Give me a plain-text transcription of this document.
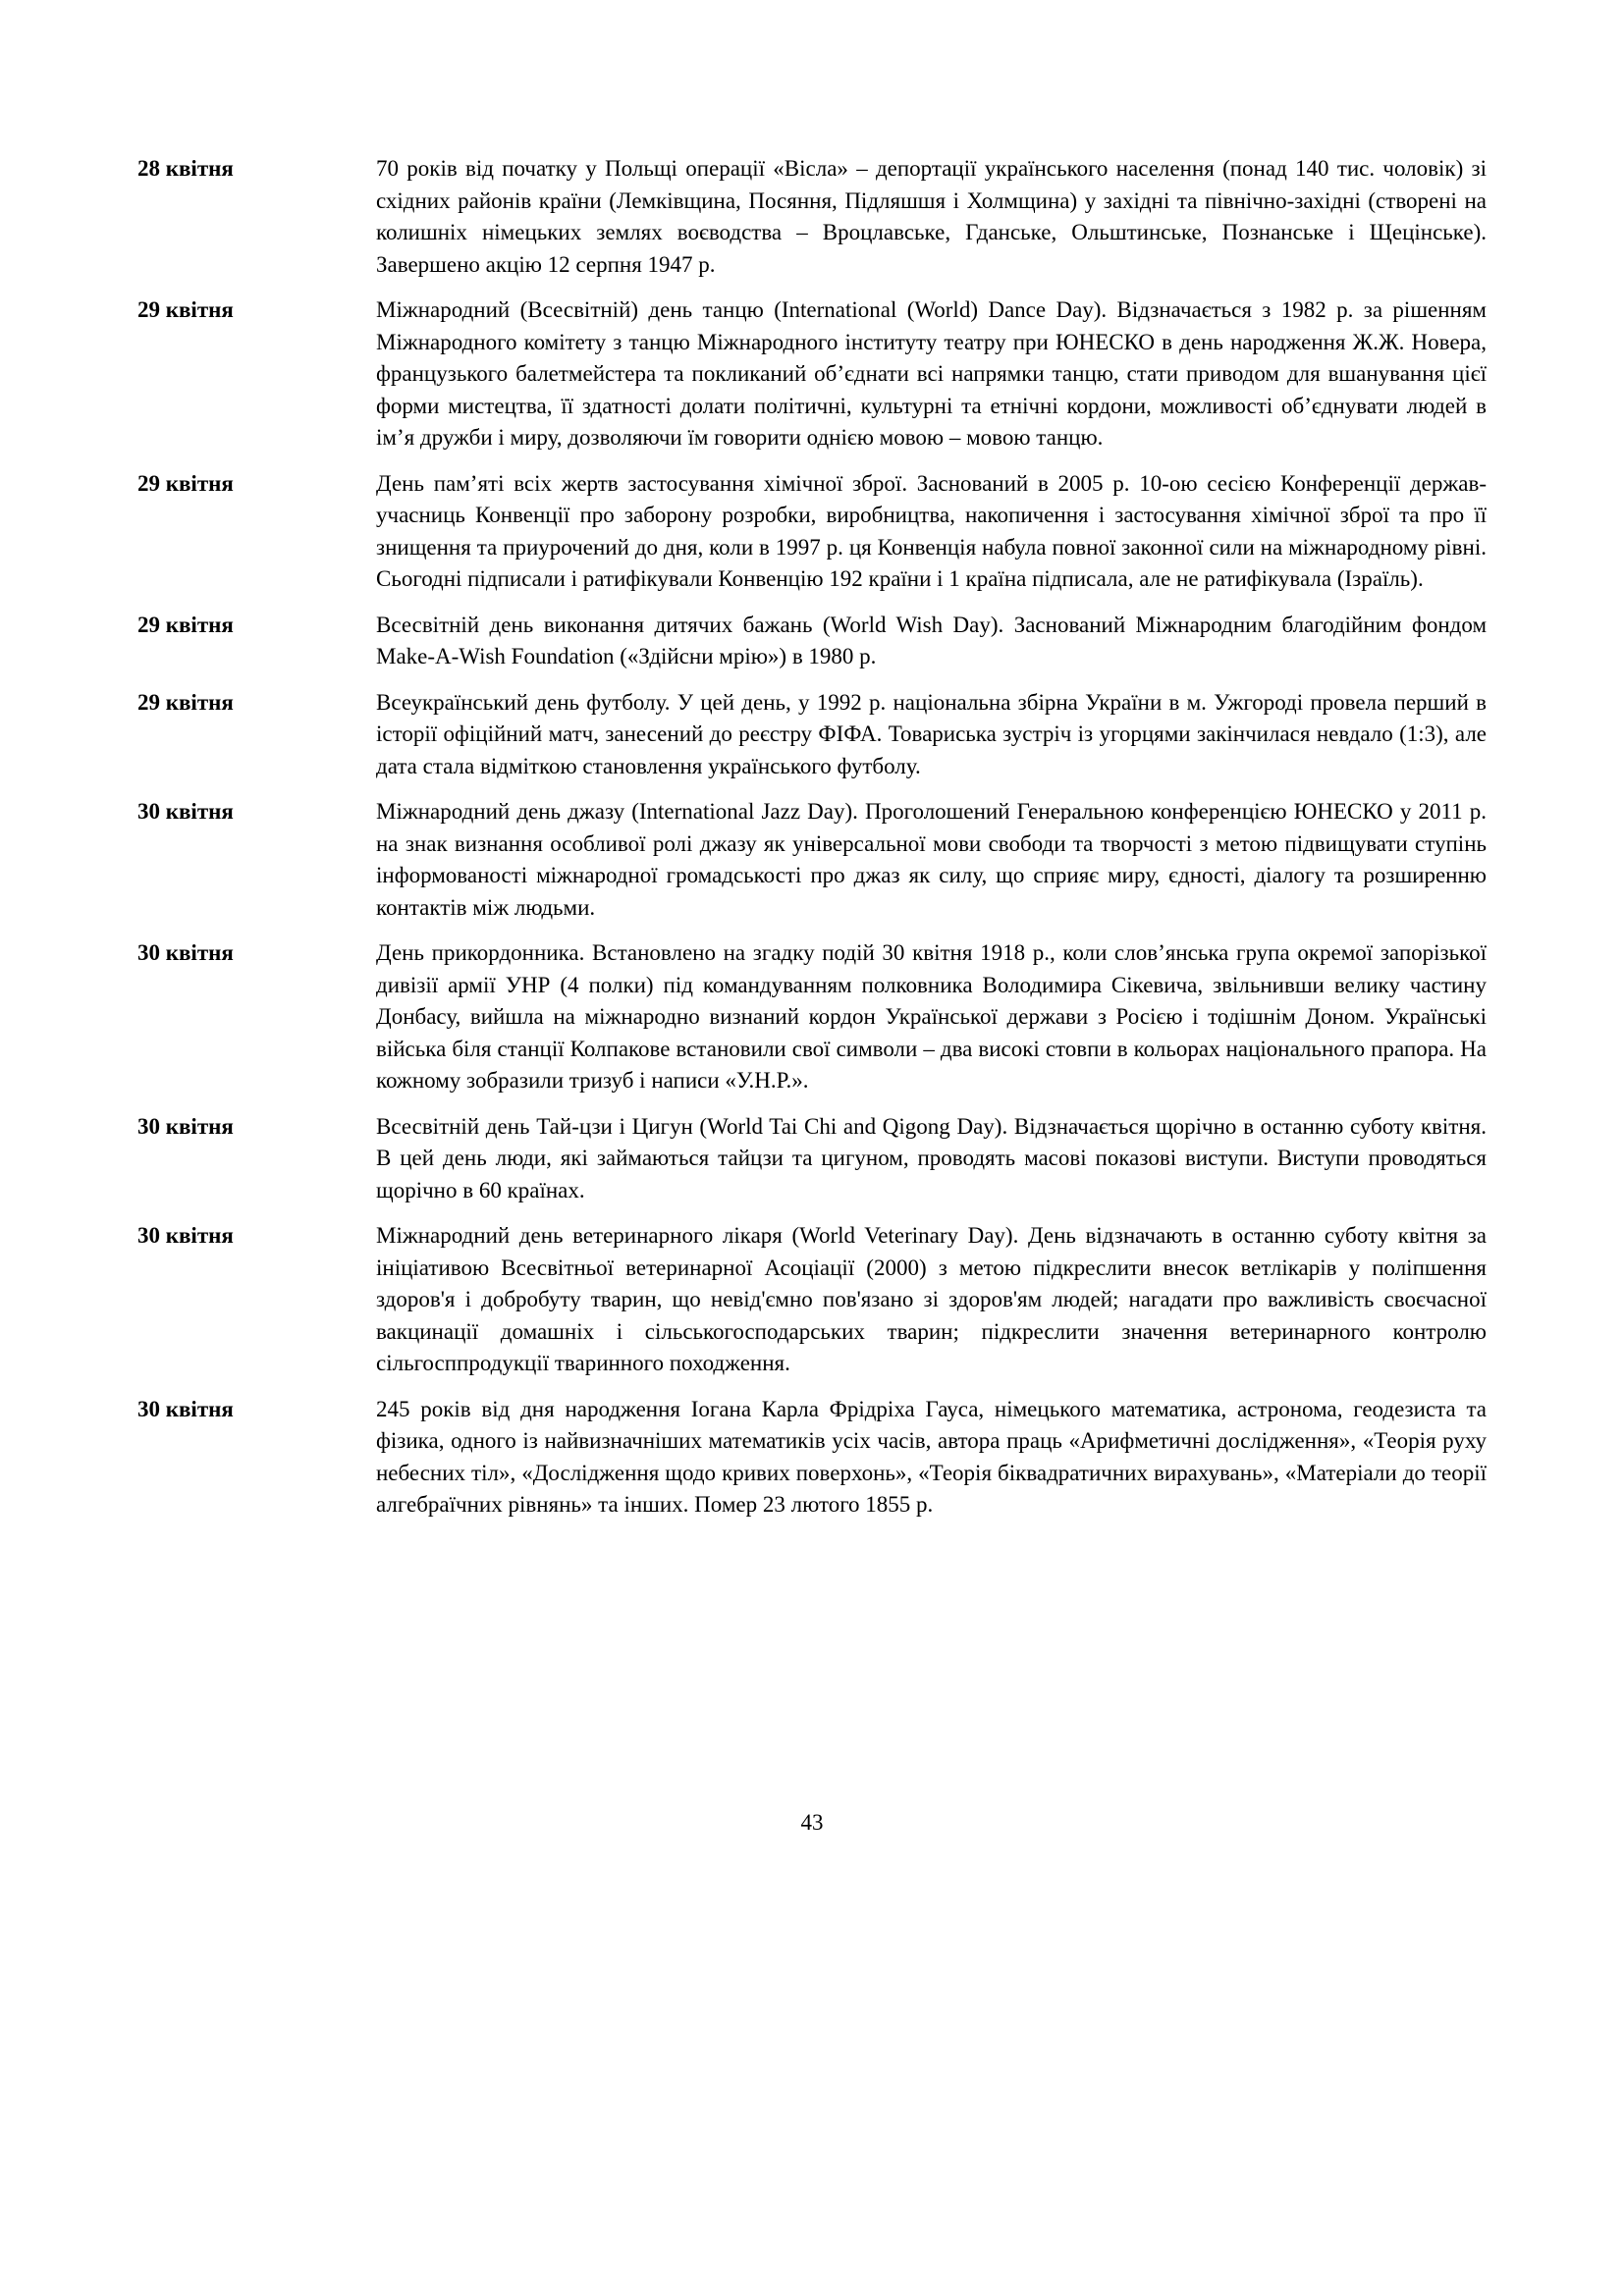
28 квітня	70 років від початку у Польщі операції «Вісла» – депортації українського населення (понад 140 тис. чоловік) зі східних районів країни (Лемківщина, Посяння, Підляшшя і Холмщина) у західні та північно-західні (створені на колишніх німецьких землях воєводства – Вроцлавське, Гданське, Ольштинське, Познанське і Щецінське). Завершено акцію 12 серпня 1947 р.
29 квітня	Міжнародний (Всесвітній) день танцю (International (World) Dance Day). Відзначається з 1982 р. за рішенням Міжнародного комітету з танцю Міжнародного інституту театру при ЮНЕСКО в день народження Ж.Ж. Новера, французького балетмейстера та покликаний об’єднати всі напрямки танцю, стати приводом для вшанування цієї форми мистецтва, її здатності долати політичні, культурні та етнічні кордони, можливості об’єднувати людей в ім’я дружби і миру, дозволяючи їм говорити однією мовою – мовою танцю.
29 квітня	День пам’яті всіх жертв застосування хімічної зброї. Заснований в 2005 р. 10-ою сесією Конференції держав-учасниць Конвенції про заборону розробки, виробництва, накопичення і застосування хімічної зброї та про її знищення та приурочений до дня, коли в 1997 р. ця Конвенція набула повної законної сили на міжнародному рівні. Сьогодні підписали і ратифікували Конвенцію 192 країни і 1 країна підписала, але не ратифікувала (Ізраїль).
29 квітня	Всесвітній день виконання дитячих бажань (World Wish Day). Заснований Міжнародним благодійним фондом Make-A-Wish Foundation («Здійсни мрію») в 1980 р.
29 квітня	Всеукраїнський день футболу. У цей день, у 1992 р. національна збірна України в м. Ужгороді провела перший в історії офіційний матч, занесений до реєстру ФІФА. Товариська зустріч із угорцями закінчилася невдало (1:3), але дата стала відміткою становлення українського футболу.
30 квітня	Міжнародний день джазу (International Jazz Day). Проголошений Генеральною конференцією ЮНЕСКО у 2011 р. на знак визнання особливої ролі джазу як універсальної мови свободи та творчості з метою підвищувати ступінь інформованості міжнародної громадськості про джаз як силу, що сприяє миру, єдності, діалогу та розширенню контактів між людьми.
30 квітня	День прикордонника. Встановлено на згадку подій 30 квітня 1918 р., коли слов’янська група окремої запорізької дивізії армії УНР (4 полки) під командуванням полковника Володимира Сікевича, звільнивши велику частину Донбасу, вийшла на міжнародно визнаний кордон Української держави з Росією і тодішнім Доном. Українські війська біля станції Колпакове встановили свої символи – два високі стовпи в кольорах національного прапора. На кожному зобразили тризуб і написи «У.Н.Р.».
30 квітня	Всесвітній день Тай-цзи і Цигун (World Tai Chi and Qigong Day). Відзначається щорічно в останню суботу квітня. В цей день люди, які займаються тайцзи та цигуном, проводять масові показові виступи. Виступи проводяться щорічно в 60 країнах.
30 квітня	Міжнародний день ветеринарного лікаря (World Veterinary Day). День відзначають в останню суботу квітня за ініціативою Всесвітньої ветеринарної Асоціації (2000) з метою підкреслити внесок ветлікарів у поліпшення здоров'я і добробуту тварин, що невід'ємно пов'язано зі здоров'ям людей; нагадати про важливість своєчасної вакцинації домашніх і сільськогосподарських тварин; підкреслити значення ветеринарного контролю сільгосппродукції тваринного походження.
30 квітня	245 років від дня народження Іогана Карла Фрідріха Гауса, німецького математика, астронома, геодезиста та фізика, одного із найвизначніших математиків усіх часів, автора праць «Арифметичні дослідження», «Теорія руху небесних тіл», «Дослідження щодо кривих поверхонь», «Теорія біквадратичних вирахувань», «Матеріали до теорії алгебраїчних рівнянь» та інших. Помер 23 лютого 1855 р.
43
